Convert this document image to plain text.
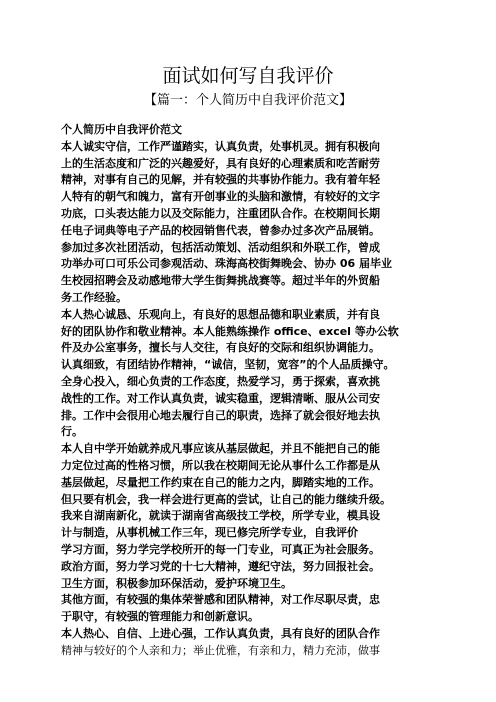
面试如何写自我评价
【篇一：个人简历中自我评价范文】
个人简历中自我评价范文
本人诚实守信，工作严谨踏实，认真负责，处事机灵。拥有积极向
上的生活态度和广泛的兴趣爱好，具有良好的心理素质和吃苦耐劳
精神，对事有自己的见解，并有较强的共事协作能力。我有着年轻
人特有的朝气和魄力，富有开创事业的头脑和激情，有较好的文字
功底，口头表达能力以及交际能力，注重团队合作。在校期间长期
任电子词典等电子产品的校园销售代表，曾参办过多次产品展销。
参加过多次社团活动，包括活动策划、活动组织和外联工作，曾成
功举办可口可乐公司参观活动、珠海高校街舞晚会、协办 06 届毕业
生校园招聘会及动感地带大学生街舞挑战赛等。超过半年的外贸船
务工作经验。
本人热心诚恳、乐观向上，有良好的思想品德和职业素质，并有良
好的团队协作和敬业精神。本人能熟练操作 office、excel 等办公软
件及办公室事务，擅长与人交往，有良好的交际和组织协调能力。
认真细致，有团结协作精神，“诚信，坚韧，宽容”的个人品质操守。
全身心投入，细心负责的工作态度，热爱学习，勇于探索，喜欢挑
战性的工作。对工作认真负责，诚实稳重，逻辑清晰、服从公司安
排。工作中会很用心地去履行自己的职责，选择了就会很好地去执
行。
本人自中学开始就养成凡事应该从基层做起，并且不能把自己的能
力定位过高的性格习惯，所以我在校期间无论从事什么工作都是从
基层做起，尽量把工作约束在自己的能力之内，脚踏实地的工作。
但只要有机会，我一样会进行更高的尝试，让自己的能力继续升级。
我来自湖南新化，就读于湖南省高级技工学校，所学专业，模具设
计与制造，从事机械工作三年，现已修完所学专业，自我评价
学习方面，努力学完学校所开的每一门专业，可真正为社会服务。
政治方面，努力学习党的十七大精神，遵纪守法，努力回报社会。
卫生方面，积极参加环保活动，爱护环境卫生。
其他方面，有较强的集体荣誉感和团队精神，对工作尽职尽责，忠
于职守，有较强的管理能力和创新意识。
本人热心、自信、上进心强，工作认真负责，具有良好的团队合作
精神与较好的个人亲和力；举止优雅，有亲和力，精力充沛，做事
